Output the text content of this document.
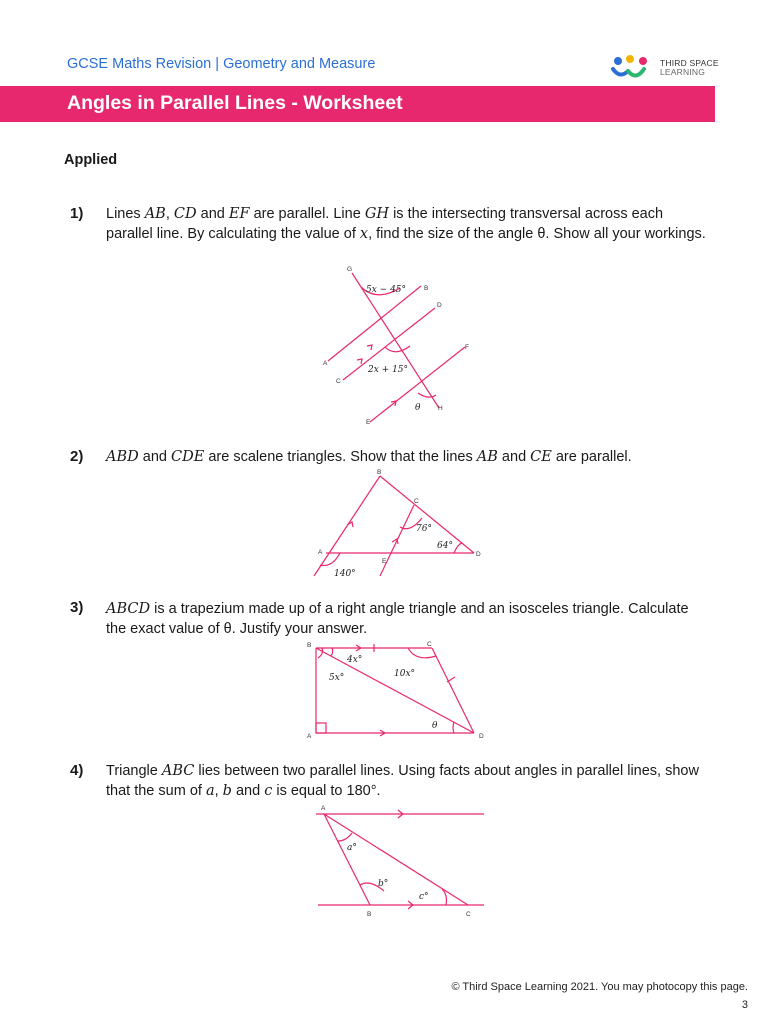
GCSE Maths Revision | Geometry and Measure	THIRD SPACE
LEARNING
Angles in Parallel Lines - Worksheet
Applied
1) Lines AB, CD and EF are parallel. Line GH is the intersecting transversal across each parallel line. By calculating the value of x, find the size of the angle θ. Show all your workings.
G
B
D
A
C
F
E
H
5x − 45°
2x + 15°
θ
2) ABD and CDE are scalene triangles. Show that the lines AB and CE are parallel.
B
C
A
E
D
76°
64°
140°
3) ABCD is a trapezium made up of a right angle triangle and an isosceles triangle. Calculate the exact value of θ. Justify your answer.
B	C
A	D
4x°
5x°	10x°
θ
4) Triangle ABC lies between two parallel lines. Using facts about angles in parallel lines, show that the sum of a, b and c is equal to 180°.
A
B	C
a°
b°
c°
© Third Space Learning 2021. You may photocopy this page.
3
